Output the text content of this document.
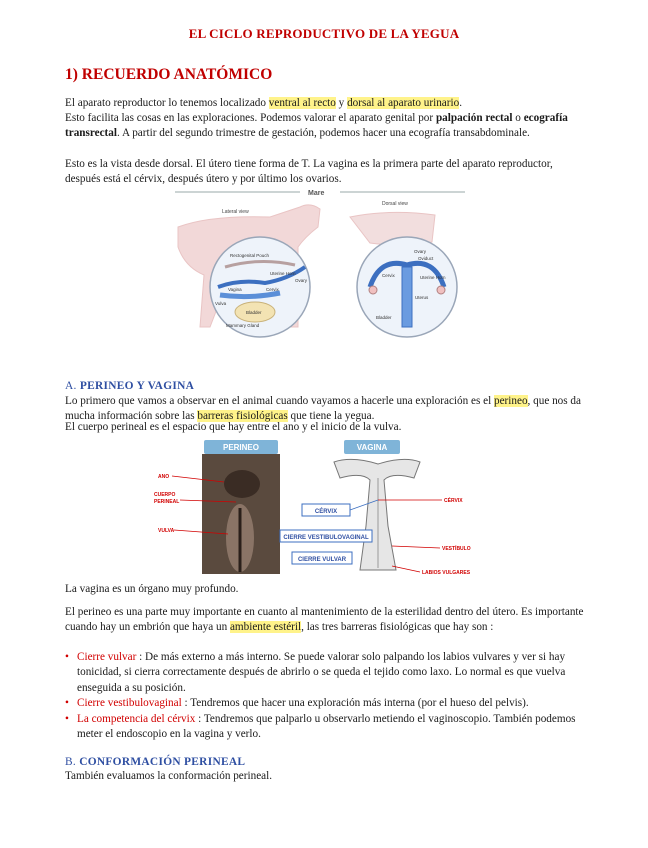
EL CICLO REPRODUCTIVO DE LA YEGUA
1) RECUERDO ANATÓMICO

El aparato reproductor lo tenemos localizado ventral al recto y dorsal al aparato urinario.

Esto facilita las cosas en las exploraciones. Podemos valorar el aparato genital por palpación rectal o ecografía transrectal. A partir del segundo trimestre de gestación, podemos hacer una ecografía transabdominale.

Esto es la vista desde dorsal. El útero tiene forma de T. La vagina es la primera parte del aparato reproductor, después está el cérvix, después útero y por último los ovarios.

Mare
Lateral view
Rectogenital Pouch
Uterine Horn
Ovary
Cervix
Vagina
Bladder
Mammary Gland
Vulva
Dorsal view
Ovary
Oviduct
Uterine Horn
Cervix
Uterus
Bladder
A. PERINEO Y VAGINA

Lo primero que vamos a observar en el animal cuando vayamos a hacerle una exploración es el perineo, que nos da mucha información sobre las barreras fisiológicas que tiene la yegua.

El cuerpo perineal es el espacio que hay entre el ano y el inicio de la vulva.

PERINEO
ANO
CUERPO
PERINEAL
VULVA
VAGINA
CÉRVIX
VESTÍBULO
LABIOS VULGARES
CÉRVIX
CIERRE VESTIBULOVAGINAL
CIERRE VULVAR

La vagina es un órgano muy profundo.

El perineo es una parte muy importante en cuanto al mantenimiento de la esterilidad dentro del útero. Es importante cuando hay un embrión que haya un ambiente estéril, las tres barreras fisiológicas que hay son :

• Cierre vulvar : De más externo a más interno. Se puede valorar solo palpando los labios vulvares y ver si hay tonicidad, si cierra correctamente después de abrirlo o se queda el tejido como laxo. Lo normal es que vuelva enseguida a su posición.
• Cierre vestibulovaginal : Tendremos que hacer una exploración más interna (por el hueso del pelvis).
• La competencia del cérvix : Tendremos que palparlo u observarlo metiendo el vaginoscopio. También podemos meter el endoscopio en la vagina y verlo.
B. CONFORMACIÓN PERINEAL

También evaluamos la conformación perineal.
